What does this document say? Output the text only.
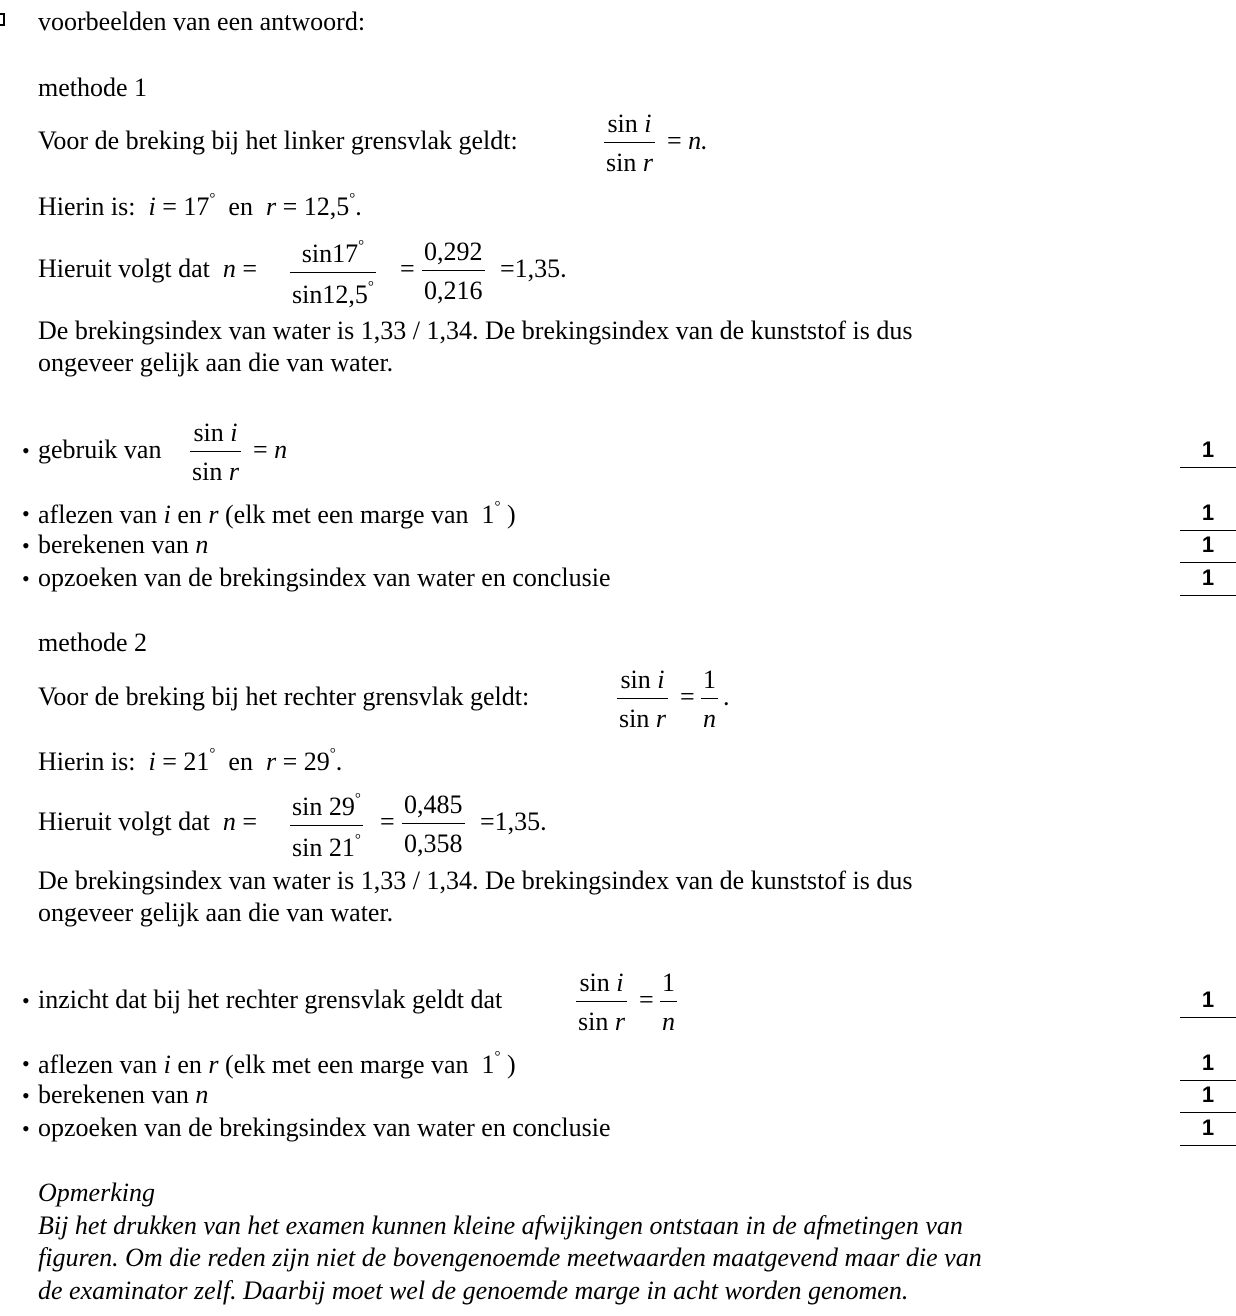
voorbeelden van een antwoord:
methode 1
Voor de breking bij het linker grensvlak geldt:	$\frac{\text{sin i}}{\text{sin r}} = n$.
Hierin is: i = 17° en r = 12,5°.
Hieruit volgt dat $n = \frac{\sin 17^\circ}{\sin 12,5^\circ} = \frac{0,292}{0,216} =1,35$.
De brekingsindex van water is 1,33 / 1,34. De brekingsindex van de kunststof is dus
ongeveer gelijk aan die van water.
• gebruik van $\frac{\text{sin i}}{\text{sin r}} = n$	1
• aflezen van i en r (elk met een marge van 1° )	1
• berekenen van n	1
• opzoeken van de brekingsindex van water en conclusie	1
methode 2
Voor de breking bij het rechter grensvlak geldt:	$\frac{\text{sin i}}{\text{sin r}} = \frac{1}{n}$ .
Hierin is: i = 21° en r = 29°.
Hieruit volgt dat $n = \frac{\sin 29^\circ}{\sin 21^\circ} = \frac{0,485}{0,358} =1,35$.
De brekingsindex van water is 1,33 / 1,34. De brekingsindex van de kunststof is dus
ongeveer gelijk aan die van water.
• inzicht dat bij het rechter grensvlak geldt dat	$\frac{\text{sin i}}{\text{sin r}} = \frac{1}{n}$	1
• aflezen van i en r (elk met een marge van 1° )	1
• berekenen van n	1
• opzoeken van de brekingsindex van water en conclusie	1
Opmerking
Bij het drukken van het examen kunnen kleine afwijkingen ontstaan in de afmetingen van
figuren. Om die reden zijn niet de bovengenoemde meetwaarden maatgevend maar die van
de examinator zelf. Daarbij moet wel de genoemde marge in acht worden genomen.
